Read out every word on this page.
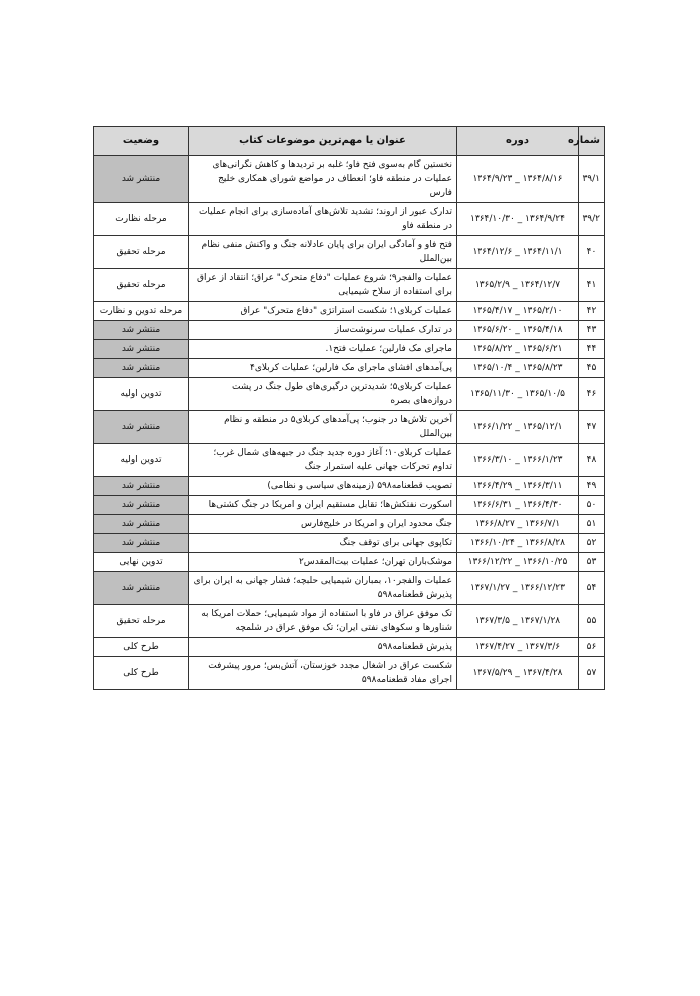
شماره	دوره	عنوان یا مهم‌ترین موضوعات کتاب	وضعیت
۳۹/۱	۱۳۶۴/۸/۱۶ _ ۱۳۶۴/۹/۲۳	نخستین گام به‌سوی فتح فاو؛ غلبه بر تردیدها و کاهش نگرانی‌های عملیات در منطقه فاو؛ انعطاف در مواضع شورای همکاری خلیج فارس	منتشر شد
۳۹/۲	۱۳۶۴/۹/۲۴ _ ۱۳۶۴/۱۰/۳۰	تدارک عبور از اروند؛ تشدید تلاش‌های آماده‌سازی برای انجام عملیات در منطقه فاو	مرحله نظارت
۴۰	۱۳۶۴/۱۱/۱ _ ۱۳۶۴/۱۲/۶	فتح فاو و آمادگی ایران برای پایان عادلانه جنگ و واکنش منفی نظام بین‌الملل	مرحله تحقیق
۴۱	۱۳۶۴/۱۲/۷ _ ۱۳۶۵/۲/۹	عملیات والفجر۹؛ شروع عملیات "دفاع متحرک" عراق؛ انتقاد از عراق برای استفاده از سلاح شیمیایی	مرحله تحقیق
۴۲	۱۳۶۵/۲/۱۰ _ ۱۳۶۵/۴/۱۷	عملیات کربلای۱؛ شکست استراتژی "دفاع متحرک" عراق	مرحله تدوین و نظارت
۴۳	۱۳۶۵/۴/۱۸ _ ۱۳۶۵/۶/۲۰	در تدارک عملیات سرنوشت‌ساز	منتشر شد
۴۴	۱۳۶۵/۶/۲۱ _ ۱۳۶۵/۸/۲۲	ماجرای مک فارلین؛ عملیات فتح۱.	منتشر شد
۴۵	۱۳۶۵/۸/۲۳ _ ۱۳۶۵/۱۰/۴	پی‌آمدهای افشای ماجرای مک فارلین؛ عملیات کربلای۴	منتشر شد
۴۶	۱۳۶۵/۱۰/۵ _ ۱۳۶۵/۱۱/۳۰	عملیات کربلای۵؛ شدیدترین درگیری‌های طول جنگ در پشت دروازه‌های بصره	تدوین اولیه
۴۷	۱۳۶۵/۱۲/۱ _ ۱۳۶۶/۱/۲۲	آخرین تلاش‌ها در جنوب؛ پی‌آمدهای کربلای۵ در منطقه و نظام بین‌الملل	منتشر شد
۴۸	۱۳۶۶/۱/۲۳ _ ۱۳۶۶/۳/۱۰	عملیات کربلای۱۰؛ آغاز دوره جدید جنگ در جبهه‌های شمال غرب؛ تداوم تحرکات جهانی علیه استمرار جنگ	تدوین اولیه
۴۹	۱۳۶۶/۳/۱۱ _ ۱۳۶۶/۴/۲۹	تصویب قطعنامه۵۹۸ (زمینه‌های سیاسی و نظامی)	منتشر شد
۵۰	۱۳۶۶/۴/۳۰ _ ۱۳۶۶/۶/۳۱	اسکورت نفتکش‌ها؛ تقابل مستقیم ایران و امریکا در جنگ کشتی‌ها	منتشر شد
۵۱	۱۳۶۶/۷/۱ _ ۱۳۶۶/۸/۲۷	جنگ محدود ایران و امریکا در خلیج‌فارس	منتشر شد
۵۲	۱۳۶۶/۸/۲۸ _ ۱۳۶۶/۱۰/۲۴	تکاپوی جهانی برای توقف جنگ	منتشر شد
۵۳	۱۳۶۶/۱۰/۲۵ _ ۱۳۶۶/۱۲/۲۲	موشک‌باران تهران؛ عملیات بیت‌المقدس۲	تدوین نهایی
۵۴	۱۳۶۶/۱۲/۲۳ _ ۱۳۶۷/۱/۲۷	عملیات والفجر۱۰، بمباران شیمیایی حلبچه؛ فشار جهانی به ایران برای پذیرش قطعنامه۵۹۸	منتشر شد
۵۵	۱۳۶۷/۱/۲۸ _ ۱۳۶۷/۳/۵	تک موفق عراق در فاو با استفاده از مواد شیمیایی؛ حملات امریکا به شناورها و سکوهای نفتی ایران؛ تک موفق عراق در شلمچه	مرحله تحقیق
۵۶	۱۳۶۷/۳/۶ _ ۱۳۶۷/۴/۲۷	پذیرش قطعنامه۵۹۸	طرح کلی
۵۷	۱۳۶۷/۴/۲۸ _ ۱۳۶۷/۵/۲۹	شکست عراق در اشغال مجدد خوزستان، آتش‌بس؛ مرور پیشرفت اجرای مفاد قطعنامه۵۹۸	طرح کلی
